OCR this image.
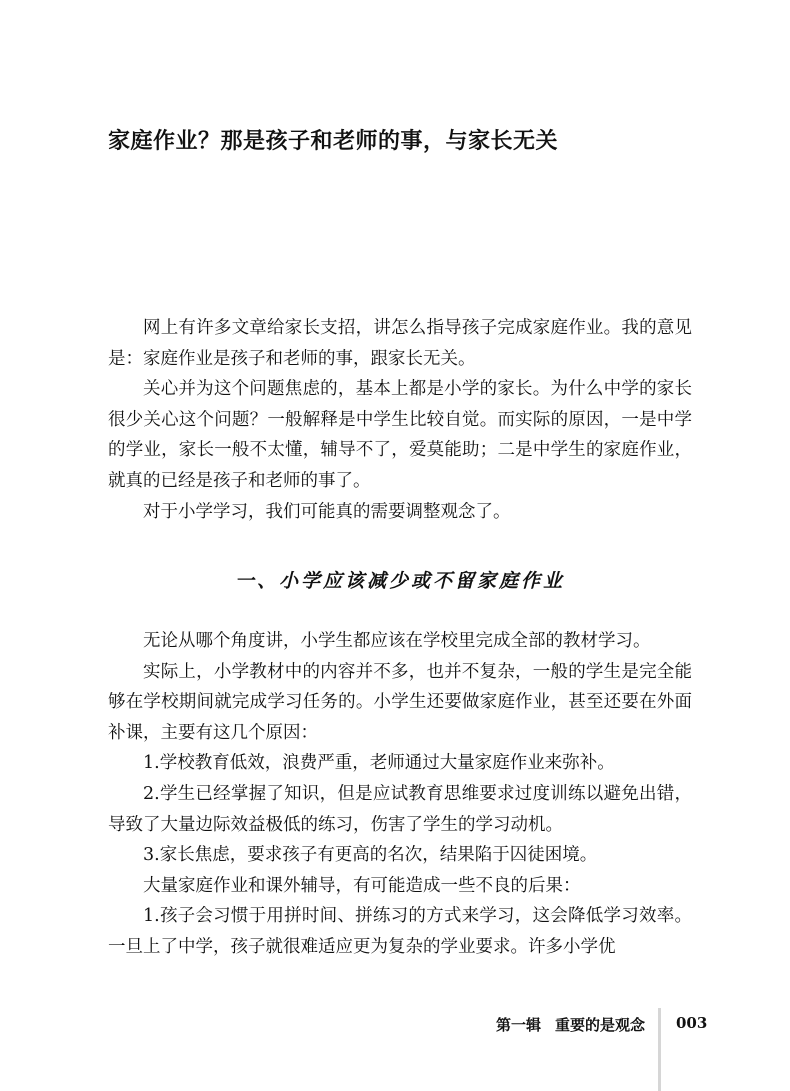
家庭作业？那是孩子和老师的事，与家长无关

网上有许多文章给家长支招，讲怎么指导孩子完成家庭作业。我的意见是：家庭作业是孩子和老师的事，跟家长无关。

关心并为这个问题焦虑的，基本上都是小学的家长。为什么中学的家长很少关心这个问题？一般解释是中学生比较自觉。而实际的原因，一是中学的学业，家长一般不太懂，辅导不了，爱莫能助；二是中学生的家庭作业，就真的已经是孩子和老师的事了。

对于小学学习，我们可能真的需要调整观念了。

一、小学应该减少或不留家庭作业

无论从哪个角度讲，小学生都应该在学校里完成全部的教材学习。

实际上，小学教材中的内容并不多，也并不复杂，一般的学生是完全能够在学校期间就完成学习任务的。小学生还要做家庭作业，甚至还要在外面补课，主要有这几个原因：

1.学校教育低效，浪费严重，老师通过大量家庭作业来弥补。

2.学生已经掌握了知识，但是应试教育思维要求过度训练以避免出错，导致了大量边际效益极低的练习，伤害了学生的学习动机。

3.家长焦虑，要求孩子有更高的名次，结果陷于囚徒困境。

大量家庭作业和课外辅导，有可能造成一些不良的后果：

1.孩子会习惯于用拼时间、拼练习的方式来学习，这会降低学习效率。一旦上了中学，孩子就很难适应更为复杂的学业要求。许多小学优

第一辑 重要的是观念 003
